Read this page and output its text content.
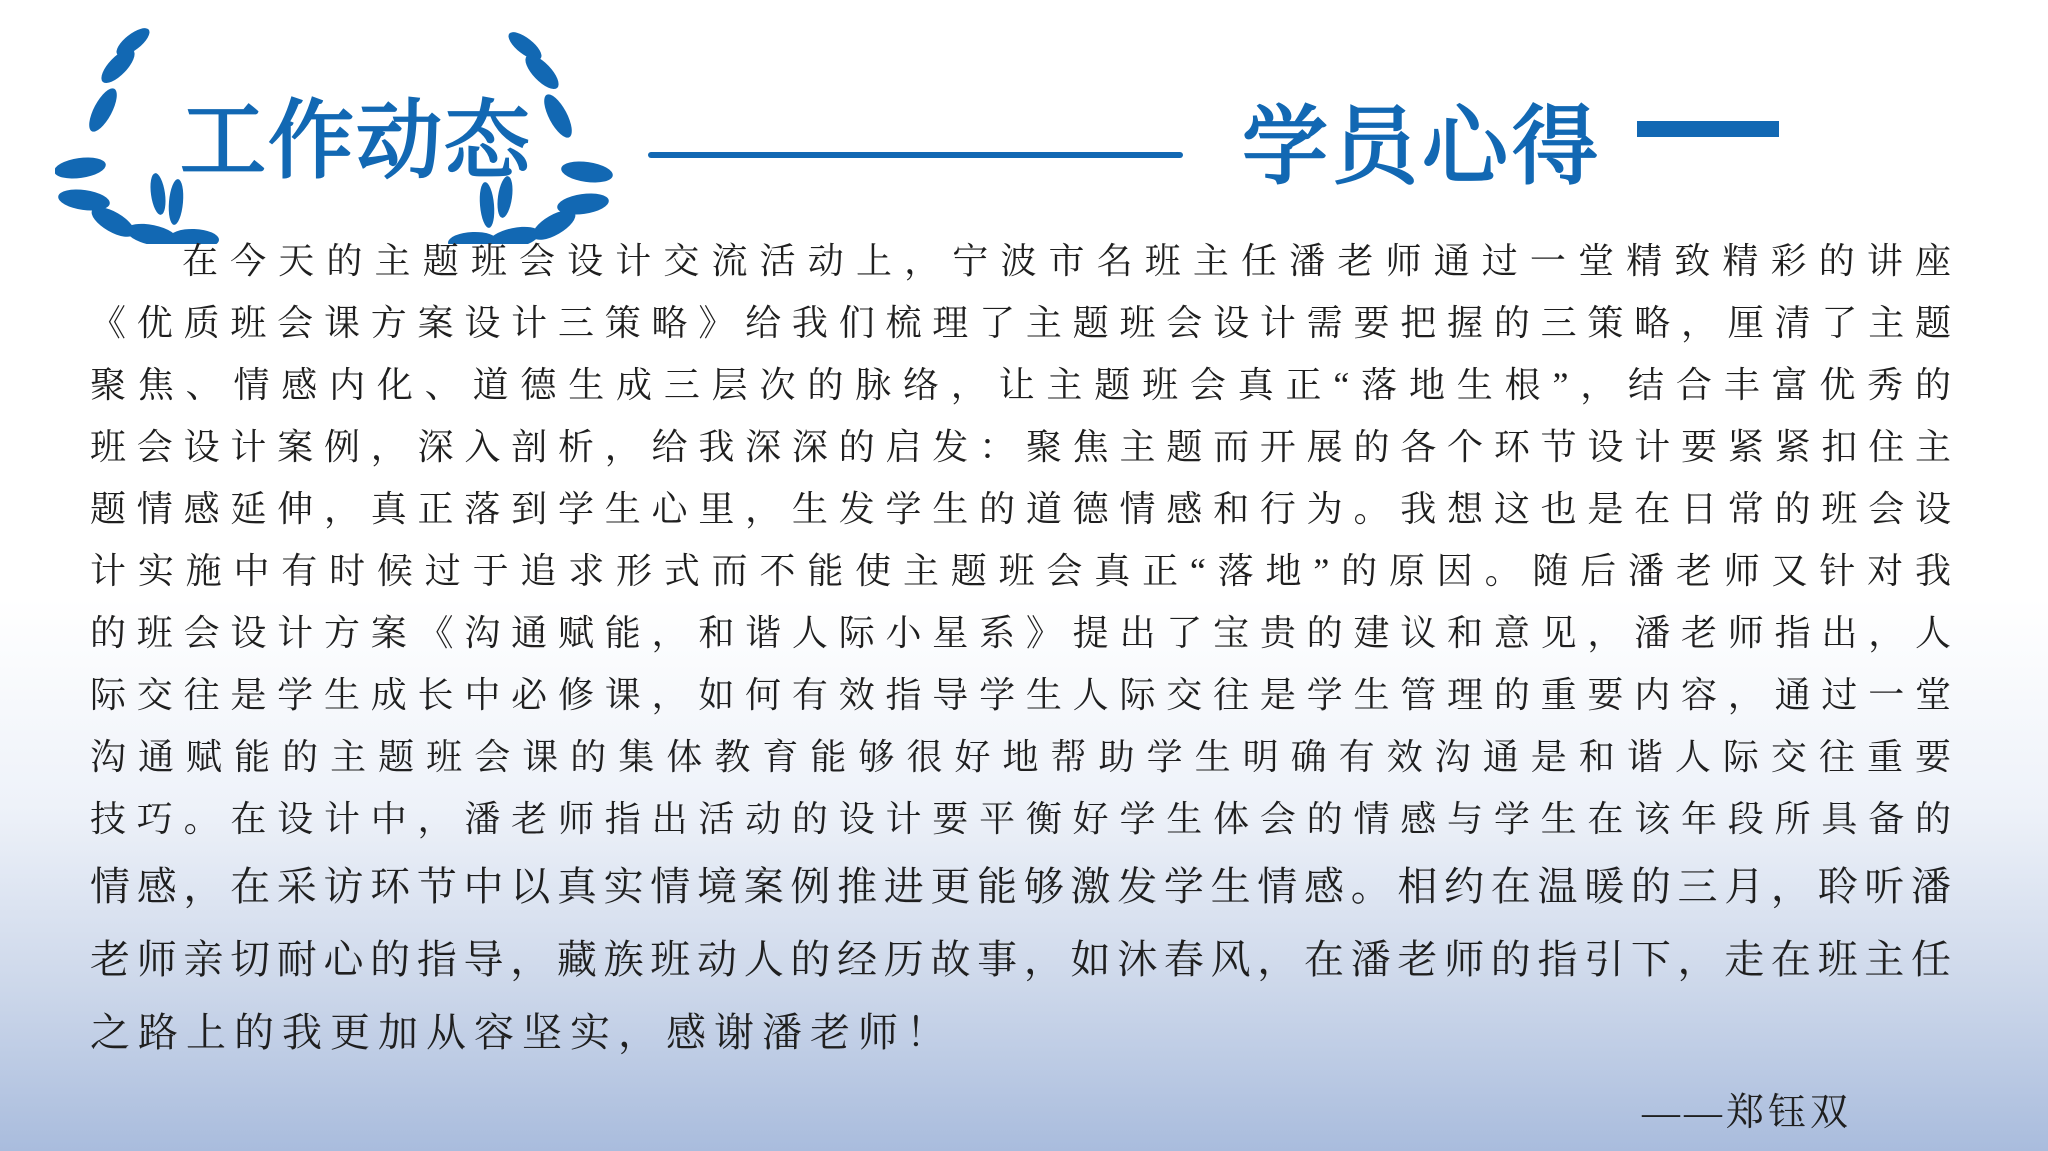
工作动态	学员心得
在今天的主题班会设计交流活动上，宁波市名班主任潘老师通过一堂精致精彩的讲座
《优质班会课方案设计三策略》给我们梳理了主题班会设计需要把握的三策略，厘清了主题
聚焦、情感内化、道德生成三层次的脉络，让主题班会真正“落地生根”，结合丰富优秀的
班会设计案例，深入剖析，给我深深的启发：聚焦主题而开展的各个环节设计要紧紧扣住主
题情感延伸，真正落到学生心里，生发学生的道德情感和行为。我想这也是在日常的班会设
计实施中有时候过于追求形式而不能使主题班会真正“落地”的原因。随后潘老师又针对我
的班会设计方案《沟通赋能，和谐人际小星系》提出了宝贵的建议和意见，潘老师指出，人
际交往是学生成长中必修课，如何有效指导学生人际交往是学生管理的重要内容，通过一堂
沟通赋能的主题班会课的集体教育能够很好地帮助学生明确有效沟通是和谐人际交往重要
技巧。在设计中，潘老师指出活动的设计要平衡好学生体会的情感与学生在该年段所具备的
情感，在采访环节中以真实情境案例推进更能够激发学生情感。相约在温暖的三月，聆听潘
老师亲切耐心的指导，藏族班动人的经历故事，如沐春风，在潘老师的指引下，走在班主任
之路上的我更加从容坚实，感谢潘老师！
——郑钰双
